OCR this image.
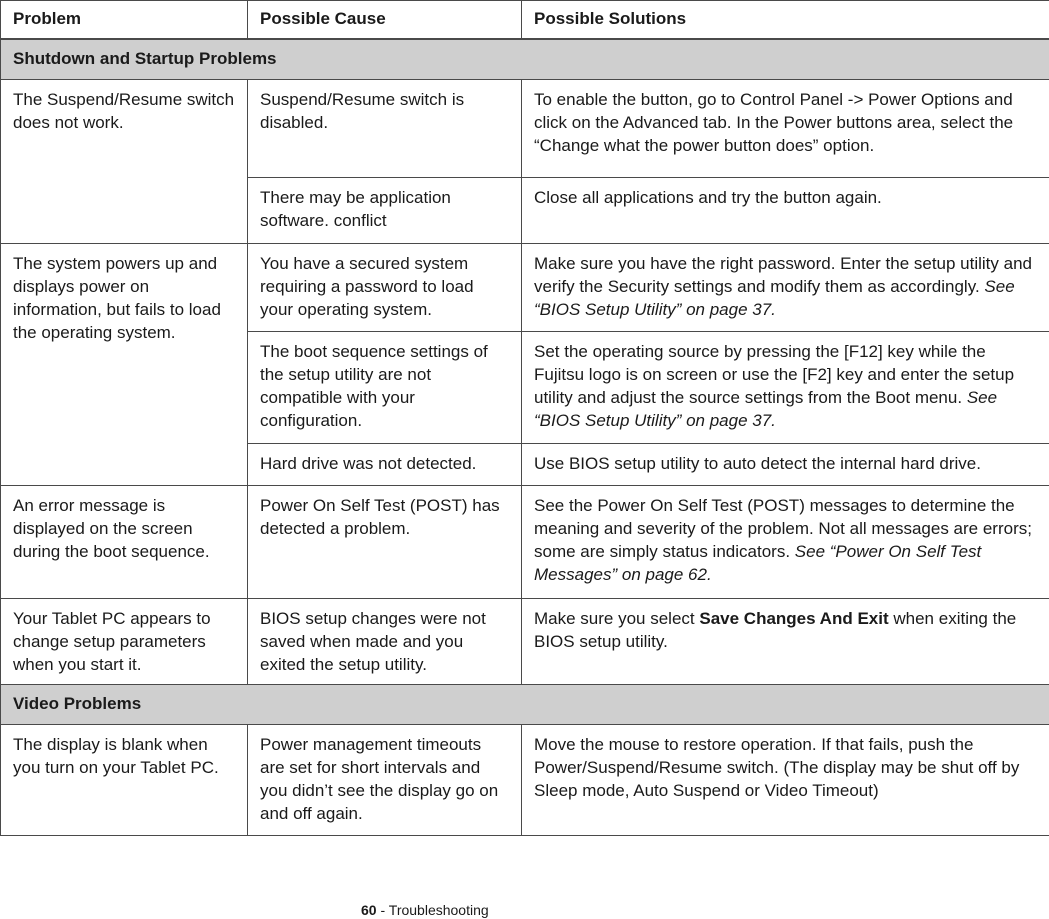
Problem	Possible Cause	Possible Solutions
Shutdown and Startup Problems		
The Suspend/Resume switch does not work.	Suspend/Resume switch is disabled.	To enable the button, go to Control Panel -> Power Options and click on the Advanced tab. In the Power buttons area, select the “Change what the power button does” option.
	There may be application software. conflict	Close all applications and try the button again.
The system powers up and displays power on information, but fails to load the operating system.	You have a secured system requiring a password to load your operating system.	Make sure you have the right password. Enter the setup utility and verify the Security settings and modify them as accordingly. See “BIOS Setup Utility” on page 37.
	The boot sequence settings of the setup utility are not compatible with your configuration.	Set the operating source by pressing the [F12] key while the Fujitsu logo is on screen or use the [F2] key and enter the setup utility and adjust the source settings from the Boot menu. See “BIOS Setup Utility” on page 37.
	Hard drive was not detected.	Use BIOS setup utility to auto detect the internal hard drive.
An error message is displayed on the screen during the boot sequence.	Power On Self Test (POST) has detected a problem.	See the Power On Self Test (POST) messages to determine the meaning and severity of the problem. Not all messages are errors; some are simply status indicators. See “Power On Self Test Messages” on page 62.
Your Tablet PC appears to change setup parameters when you start it.	BIOS setup changes were not saved when made and you exited the setup utility.	Make sure you select Save Changes And Exit when exiting the BIOS setup utility.
Video Problems		
The display is blank when you turn on your Tablet PC.	Power management timeouts are set for short intervals and you didn’t see the display go on and off again.	Move the mouse to restore operation. If that fails, push the Power/Suspend/Resume switch. (The display may be shut off by Sleep mode, Auto Suspend or Video Timeout)
60 - Troubleshooting
